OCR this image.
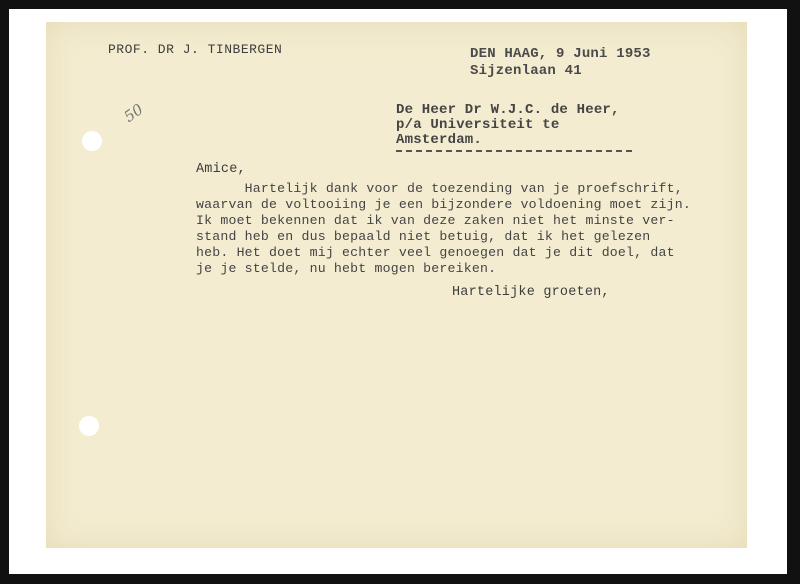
PROF. DR J. TINBERGEN	DEN HAAG, 9 Juni 1953
Sijzenlaan 41
50	De Heer Dr W.J.C. de Heer,
p/a Universiteit te
Amsterdam.
Amice,
Hartelijk dank voor de toezending van je proefschrift,
waarvan de voltooiing je een bijzondere voldoening moet zijn.
Ik moet bekennen dat ik van deze zaken niet het minste ver-
stand heb en dus bepaald niet betuig, dat ik het gelezen
heb. Het doet mij echter veel genoegen dat je dit doel, dat
je je stelde, nu hebt mogen bereiken.
Hartelijke groeten,
